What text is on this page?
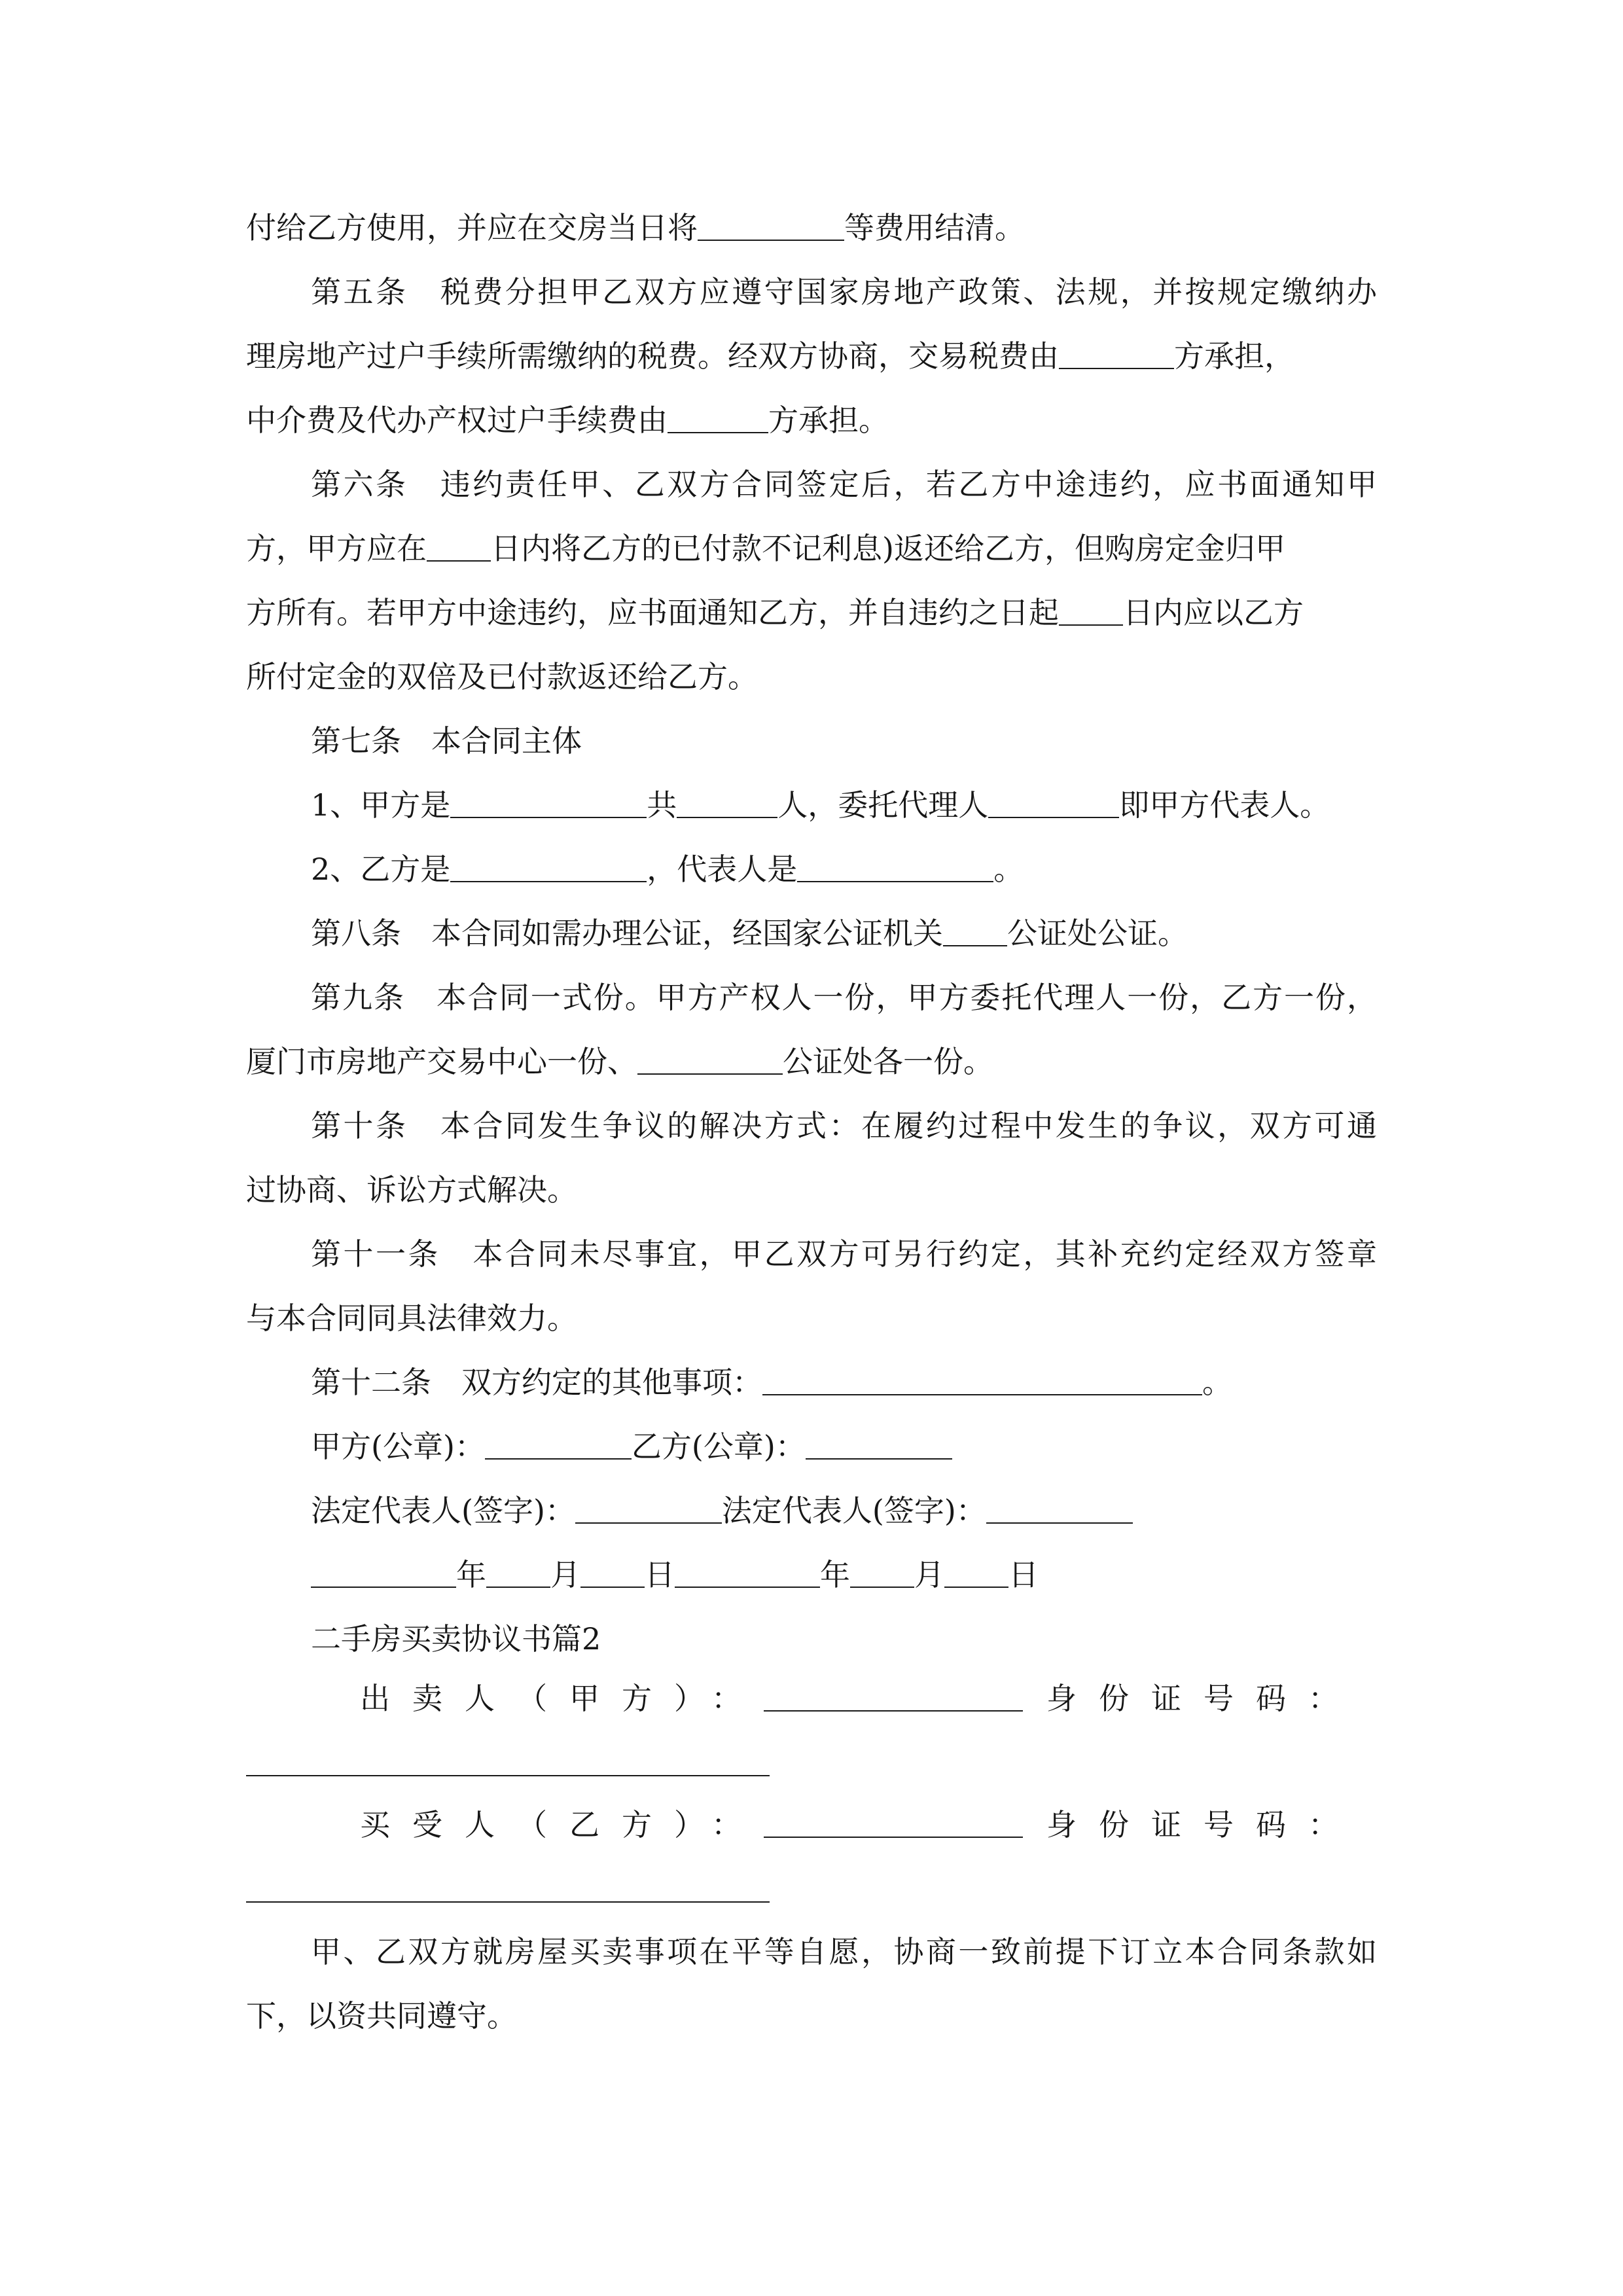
付给乙方使用，并应在交房当日将	等费用结清。
第五条　税费分担甲乙双方应遵守国家房地产政策、法规，并按规定缴纳办
理房地产过户手续所需缴纳的税费。经双方协商，交易税费由	方承担，
中介费及代办产权过户手续费由	方承担。
第六条　违约责任甲、乙双方合同签定后，若乙方中途违约，应书面通知甲
方，甲方应在 日内将乙方的已付款不记利息)返还给乙方，但购房定金归甲
方所有。若甲方中途违约，应书面通知乙方，并自违约之日起 日内应以乙方
所付定金的双倍及已付款返还给乙方。
第七条　本合同主体
1、甲方是	共	人，委托代理人	即甲方代表人。
2、乙方是	，代表人是	。
第八条　本合同如需办理公证，经国家公证机关 公证处公证。
第九条　本合同一式份。甲方产权人一份，甲方委托代理人一份，乙方一份，
厦门市房地产交易中心一份、	公证处各一份。
第十条　本合同发生争议的解决方式：在履约过程中发生的争议，双方可通
过协商、诉讼方式解决。
第十一条　本合同未尽事宜，甲乙双方可另行约定，其补充约定经双方签章
与本合同同具法律效力。
第十二条　双方约定的其他事项：	。
甲方(公章)：	乙方(公章)：
法定代表人(签字)：	法定代表人(签字)：
年 月 日	年 月 日
二手房买卖协议书篇2
出卖人（甲方）：	身份证号码：
买受人（乙方）：	身份证号码：
甲、乙双方就房屋买卖事项在平等自愿，协商一致前提下订立本合同条款如
下，以资共同遵守。
